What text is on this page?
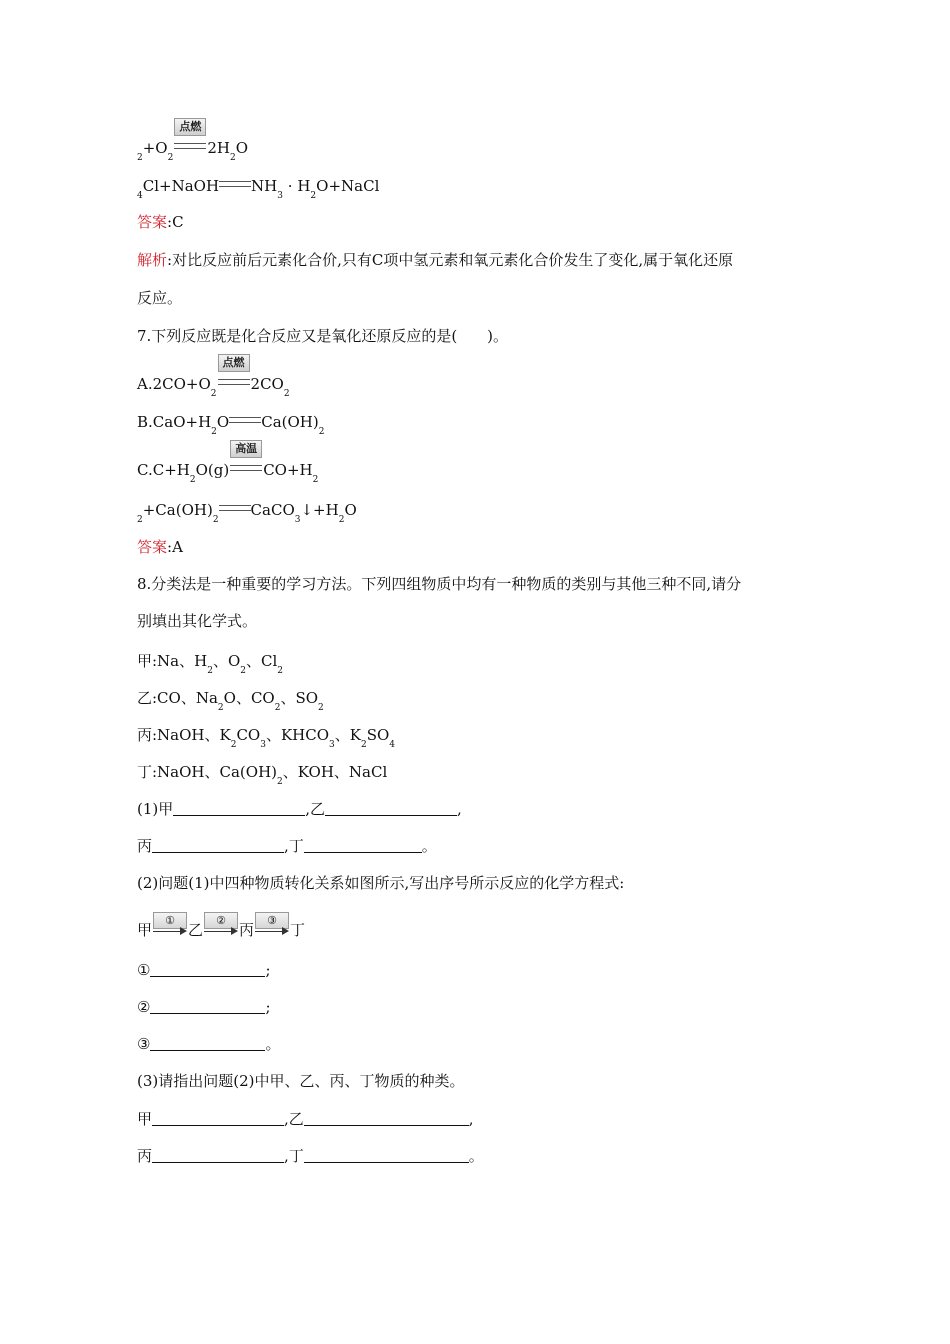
$_2+O_2$
点燃
$2H_2O$
$_4$Cl+NaOH $NH_3$ · $H_2O+NaCl$
答案:C
解析:对比反应前后元素化合价,只有C项中氢元素和氧元素化合价发生了变化,属于氧化还原
反应。
7.下列反应既是化合反应又是氧化还原反应的是(　　)。
$A.2CO+O_2$
点燃
$2CO_2$
$B.CaO+H_2O$ $Ca(OH)_2$
$C.C+H_2O(g)$
高温
$CO+H_2$
$_2+Ca(OH)_2CaCO_3↓+H_2O$
答案:A
8.分类法是一种重要的学习方法。下列四组物质中均有一种物质的类别与其他三种不同,请分
别填出其化学式。
甲:Na、$H_2$、$O_2$、$Cl_2$
乙:CO、$Na_2O$、$CO_2$、$SO_2$
丙:NaOH、$K_2CO_3$、$KHCO_3$、$K_2SO_4$
丁:NaOH、$Ca(OH)_2$、KOH、NaCl
(1)甲	,乙	,
丙	,丁	。
(2)问题(1)中四种物质转化关系如图所示,写出序号所示反应的化学方程式:
甲
①
乙
②
丙
③
丁
①	;
②	;
③	。
(3)请指出问题(2)中甲、乙、丙、丁物质的种类。
甲	,乙	,
丙	,丁	。
